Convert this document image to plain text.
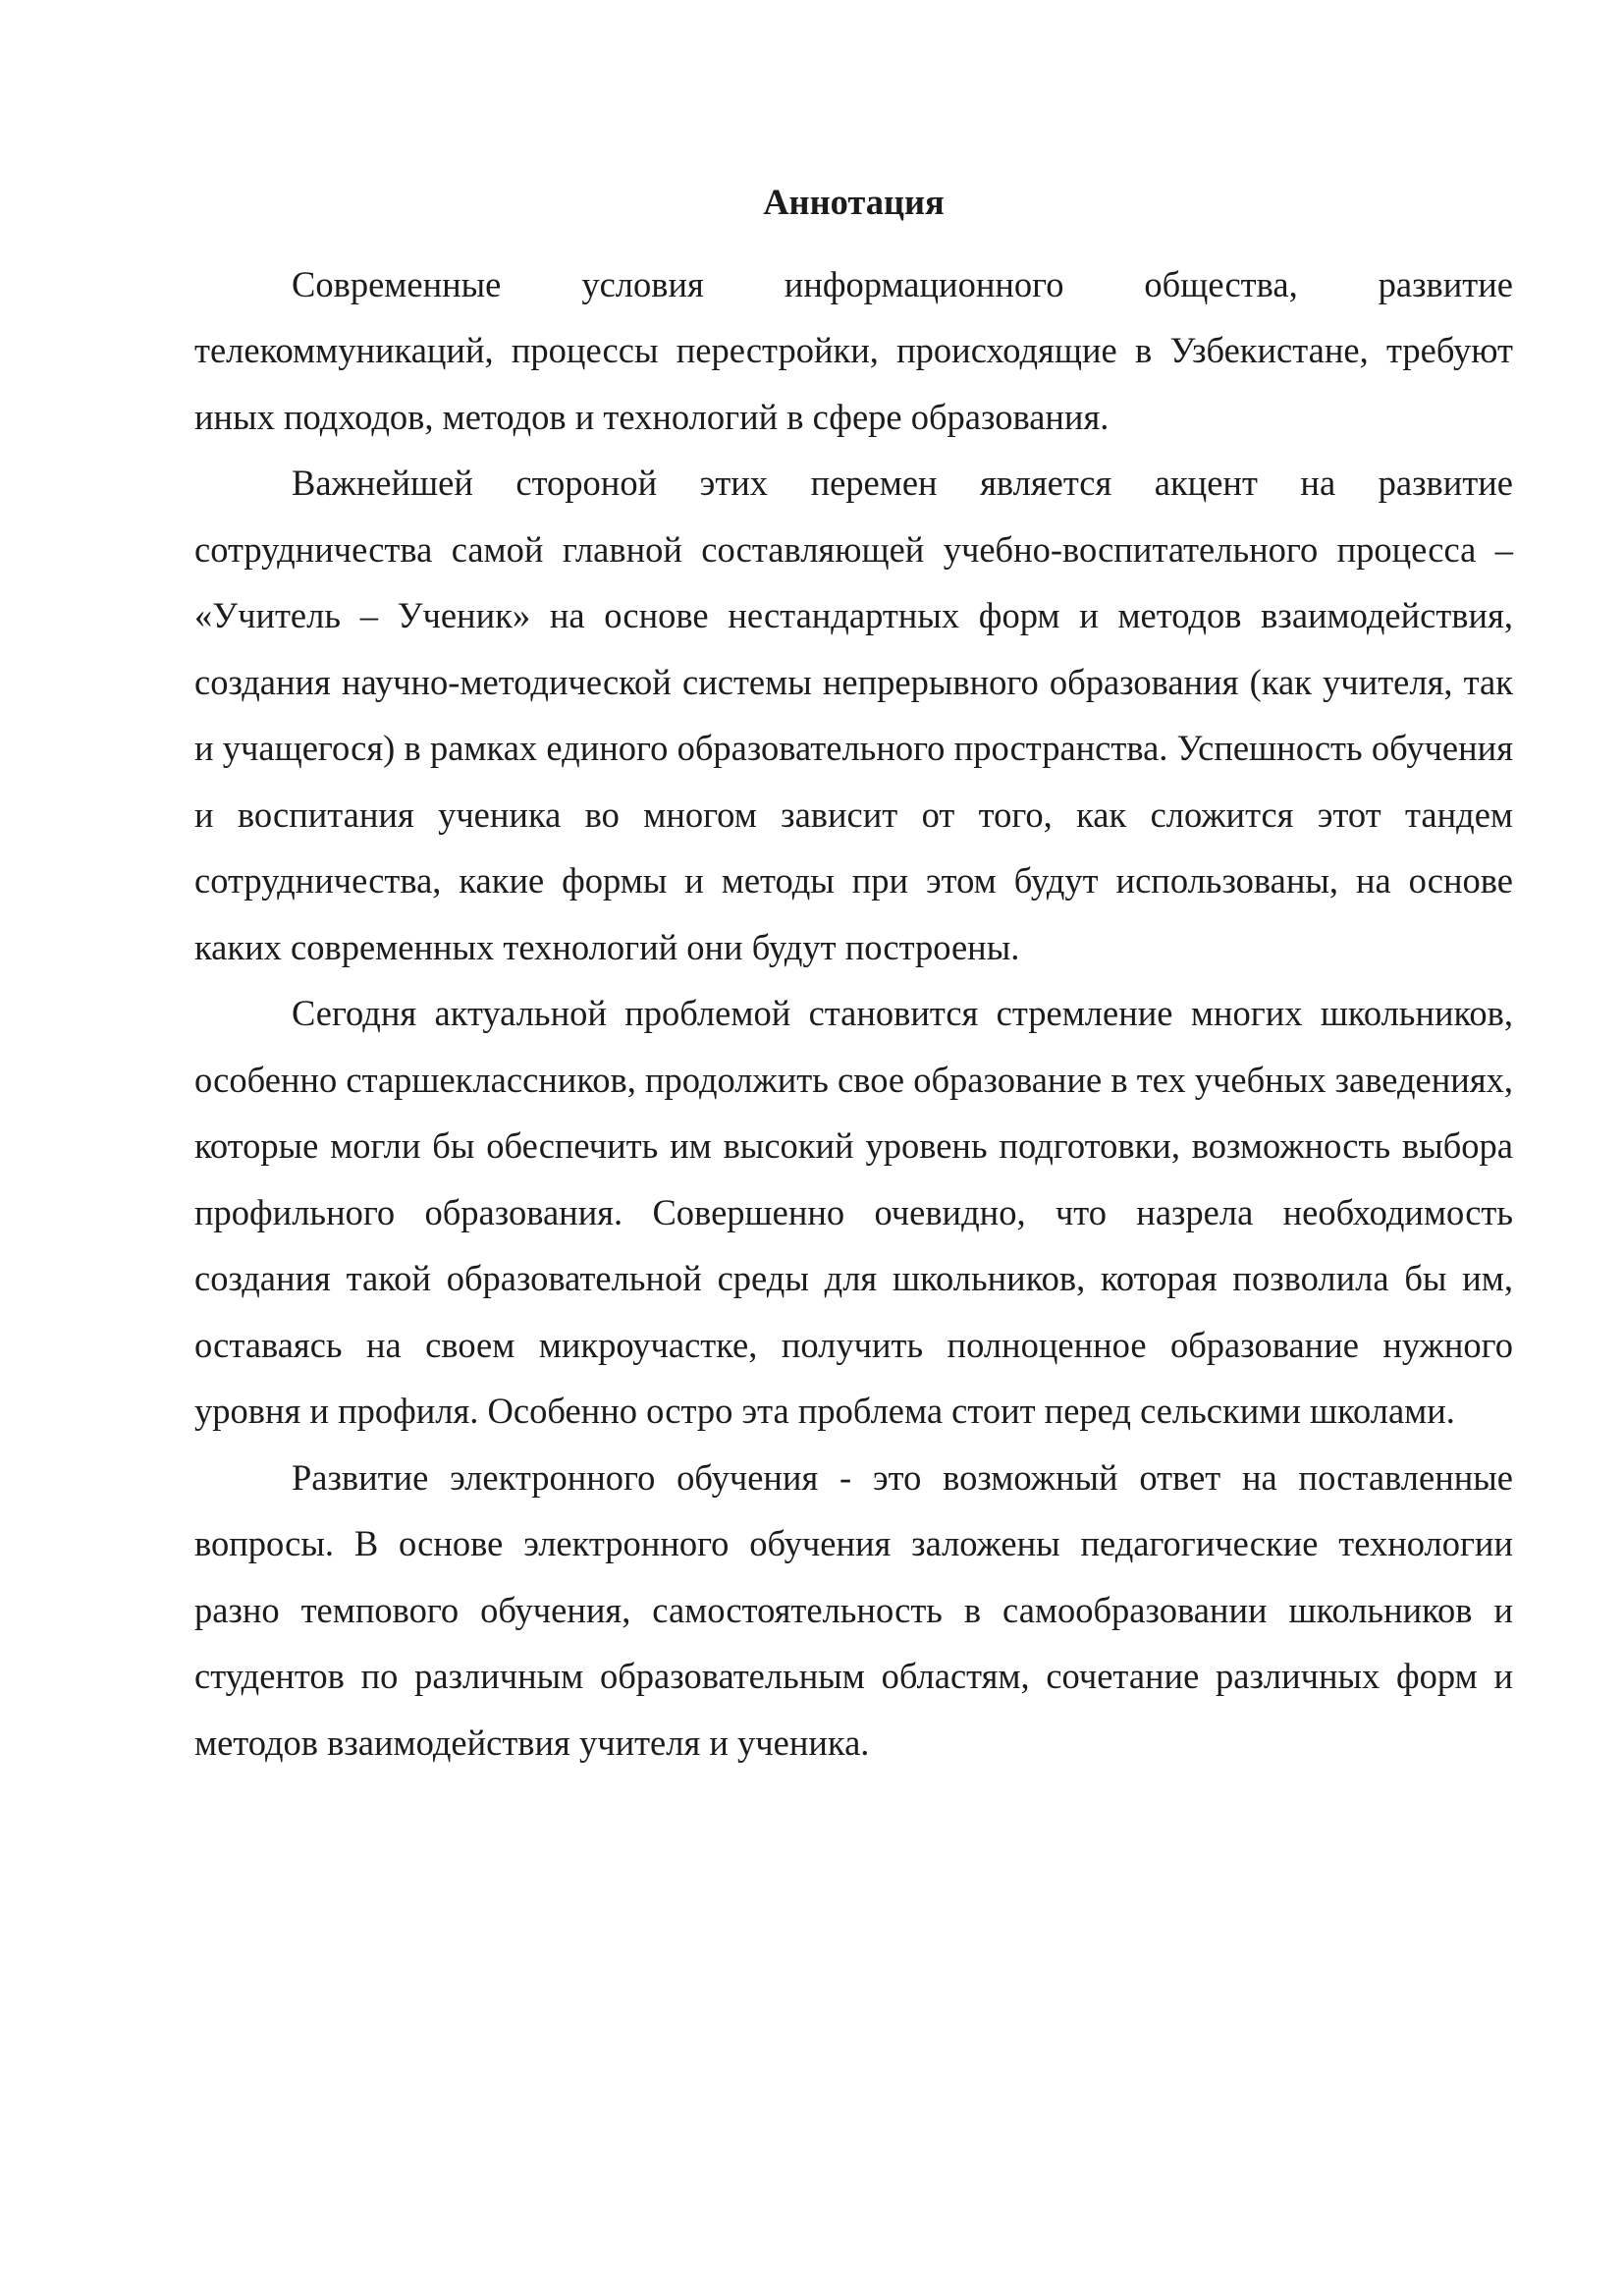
Аннотация

Современные условия информационного общества, развитие телекоммуникаций, процессы перестройки, происходящие в Узбекистане, требуют иных подходов, методов и технологий в сфере образования.

Важнейшей стороной этих перемен является акцент на развитие сотрудничества самой главной составляющей учебно-воспитательного процесса – «Учитель – Ученик» на основе нестандартных форм и методов взаимодействия, создания научно-методической системы непрерывного образования (как учителя, так и учащегося) в рамках единого образовательного пространства. Успешность обучения и воспитания ученика во многом зависит от того, как сложится этот тандем сотрудничества, какие формы и методы при этом будут использованы, на основе каких современных технологий они будут построены.

Сегодня актуальной проблемой становится стремление многих школьников, особенно старшеклассников, продолжить свое образование в тех учебных заведениях, которые могли бы обеспечить им высокий уровень подготовки, возможность выбора профильного образования. Совершенно очевидно, что назрела необходимость создания такой образовательной среды для школьников, которая позволила бы им, оставаясь на своем микроучастке, получить полноценное образование нужного уровня и профиля. Особенно остро эта проблема стоит перед сельскими школами.

Развитие электронного обучения - это возможный ответ на поставленные вопросы. В основе электронного обучения заложены педагогические технологии разно темпового обучения, самостоятельность в самообразовании школьников и студентов по различным образовательным областям, сочетание различных форм и методов взаимодействия учителя и ученика.
